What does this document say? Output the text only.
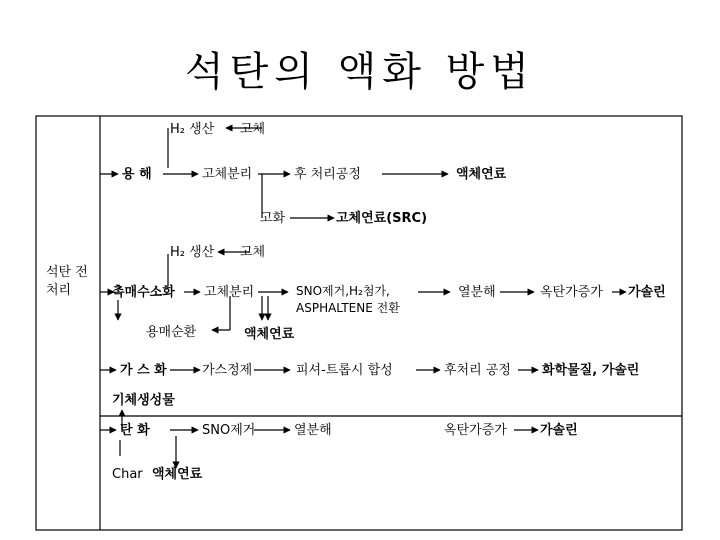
석탄의 액화 방법
석탄 전
처리
H₂ 생산 고체
용 해	고체분리	후 처리공정	액체연료
고화	고체연료(SRC)
H₂ 생산 고체
촉매수소화 고체분리	SNO제거,H₂첨가,
ASPHALTENE 전환
열분해	옥탄가증가 가솔린
용매순환	액체연료
가 스 화	가스정제	피셔-트롭시 합성	후처리 공정 화학물질, 가솔린
기체생성물
탄 화	SNO제거	열분해	옥탄가증가	가솔린
Char 액체연료
